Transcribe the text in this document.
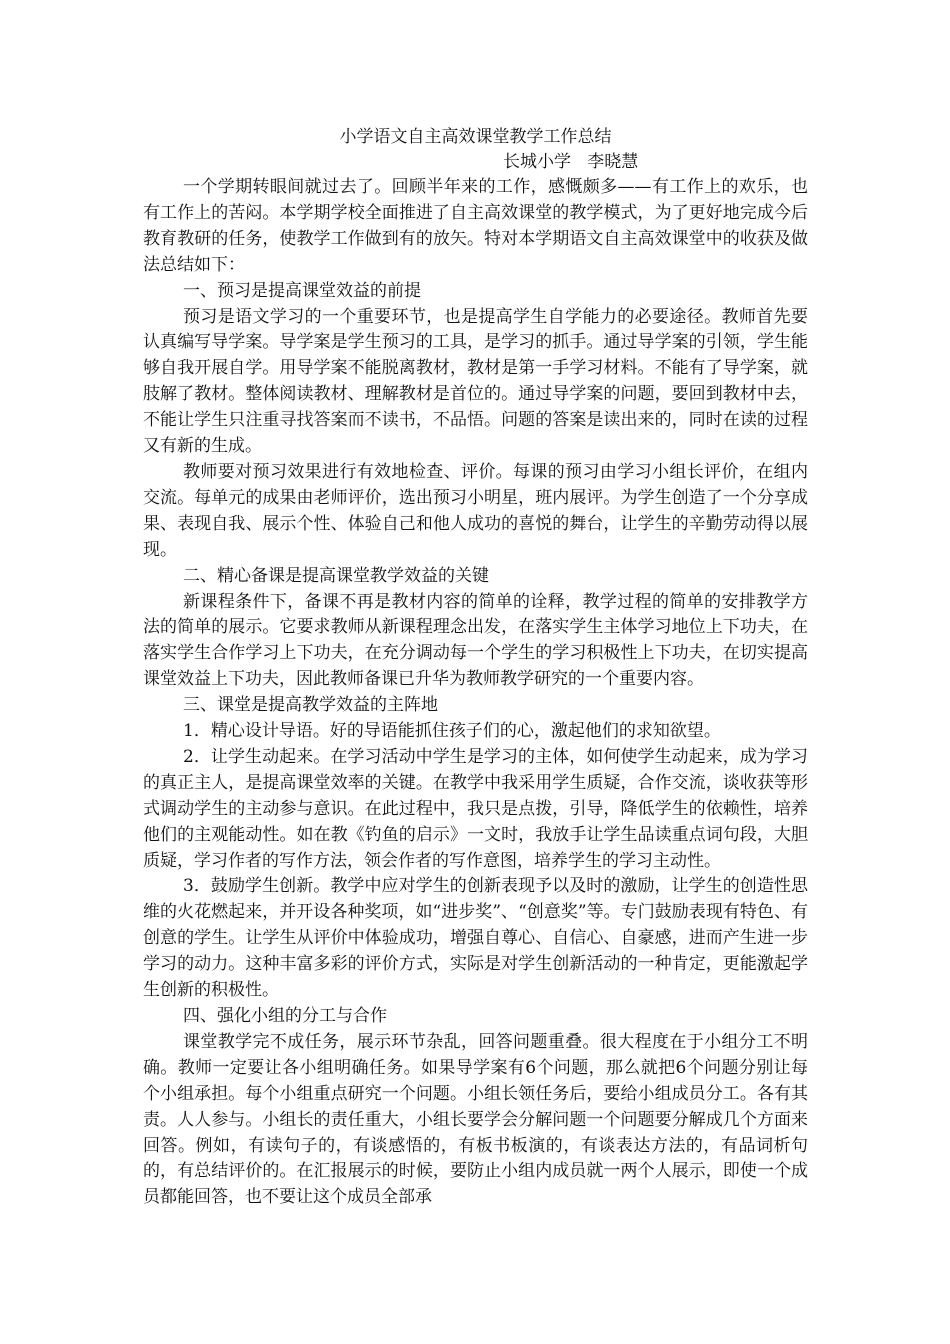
小学语文自主高效课堂教学工作总结

长城小学   李晓慧

一个学期转眼间就过去了。回顾半年来的工作，感慨颇多——有工作上的欢乐，也有工作上的苦闷。本学期学校全面推进了自主高效课堂的教学模式，为了更好地完成今后教育教研的任务，使教学工作做到有的放矢。特对本学期语文自主高效课堂中的收获及做法总结如下：

一、预习是提高课堂效益的前提

预习是语文学习的一个重要环节，也是提高学生自学能力的必要途径。教师首先要认真编写导学案。导学案是学生预习的工具，是学习的抓手。通过导学案的引领，学生能够自我开展自学。用导学案不能脱离教材，教材是第一手学习材料。不能有了导学案，就肢解了教材。整体阅读教材、理解教材是首位的。通过导学案的问题，要回到教材中去，不能让学生只注重寻找答案而不读书，不品悟。问题的答案是读出来的，同时在读的过程又有新的生成。

教师要对预习效果进行有效地检查、评价。每课的预习由学习小组长评价，在组内交流。每单元的成果由老师评价，选出预习小明星，班内展评。为学生创造了一个分享成果、表现自我、展示个性、体验自己和他人成功的喜悦的舞台，让学生的辛勤劳动得以展现。

二、精心备课是提高课堂教学效益的关键

新课程条件下，备课不再是教材内容的简单的诠释，教学过程的简单的安排教学方法的简单的展示。它要求教师从新课程理念出发，在落实学生主体学习地位上下功夫，在落实学生合作学习上下功夫，在充分调动每一个学生的学习积极性上下功夫，在切实提高课堂效益上下功夫，因此教师备课已升华为教师教学研究的一个重要内容。

三、课堂是提高教学效益的主阵地

1．精心设计导语。好的导语能抓住孩子们的心，激起他们的求知欲望。

2．让学生动起来。在学习活动中学生是学习的主体，如何使学生动起来，成为学习的真正主人，是提高课堂效率的关键。在教学中我采用学生质疑，合作交流，谈收获等形式调动学生的主动参与意识。在此过程中，我只是点拨，引导，降低学生的依赖性，培养他们的主观能动性。如在教《钓鱼的启示》一文时，我放手让学生品读重点词句段，大胆质疑，学习作者的写作方法，领会作者的写作意图，培养学生的学习主动性。

3．鼓励学生创新。教学中应对学生的创新表现予以及时的激励，让学生的创造性思维的火花燃起来，并开设各种奖项，如“进步奖”、“创意奖”等。专门鼓励表现有特色、有创意的学生。让学生从评价中体验成功，增强自尊心、自信心、自豪感，进而产生进一步学习的动力。这种丰富多彩的评价方式，实际是对学生创新活动的一种肯定，更能激起学生创新的积极性。

四、强化小组的分工与合作

课堂教学完不成任务，展示环节杂乱，回答问题重叠。很大程度在于小组分工不明确。教师一定要让各小组明确任务。如果导学案有6个问题，那么就把6个问题分别让每个小组承担。每个小组重点研究一个问题。小组长领任务后，要给小组成员分工。各有其责。人人参与。小组长的责任重大，小组长要学会分解问题一个问题要分解成几个方面来回答。例如，有读句子的，有谈感悟的，有板书板演的，有谈表达方法的，有品词析句的，有总结评价的。在汇报展示的时候，要防止小组内成员就一两个人展示，即使一个成员都能回答，也不要让这个成员全部承
